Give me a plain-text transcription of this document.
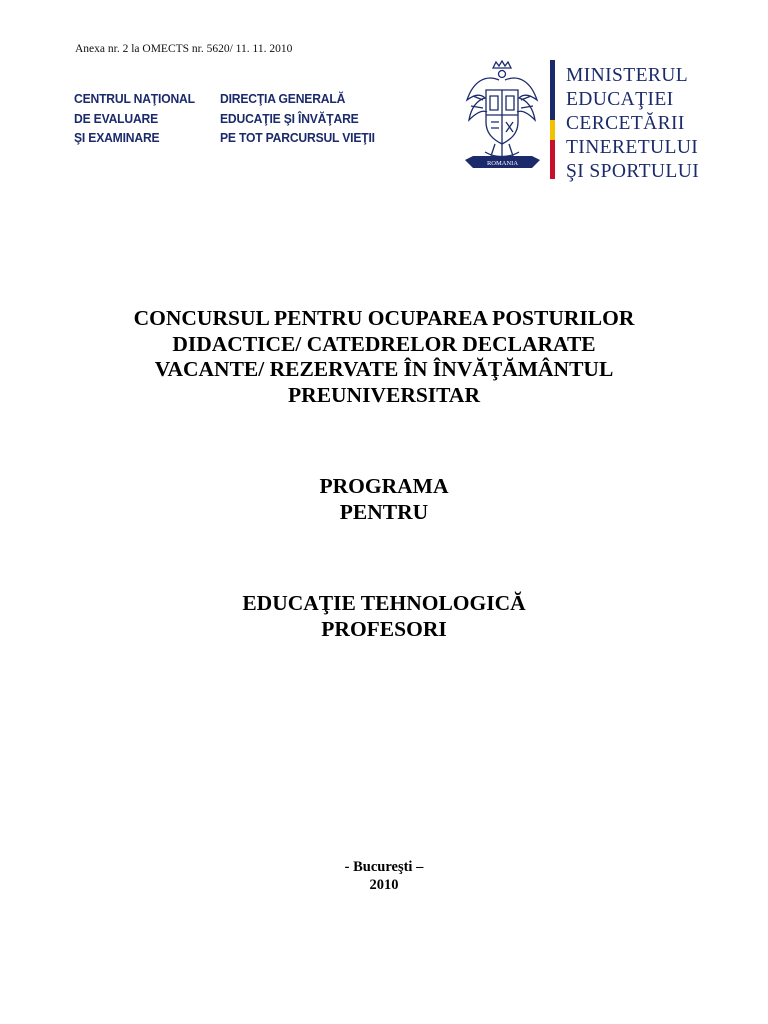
Anexa nr. 2 la OMECTS nr. 5620/ 11. 11. 2010
CENTRUL NAŢIONAL
DE EVALUARE
ŞI EXAMINARE
DIRECŢIA GENERALĂ
EDUCAŢIE ŞI ÎNVĂŢARE
PE TOT PARCURSUL VIEŢII
ROMANIA
MINISTERUL
EDUCAŢIEI
CERCETĂRII
TINERETULUI
ŞI SPORTULUI
CONCURSUL PENTRU OCUPAREA POSTURILOR
DIDACTICE/ CATEDRELOR DECLARATE
VACANTE/ REZERVATE ÎN ÎNVĂŢĂMÂNTUL
PREUNIVERSITAR
PROGRAMA
PENTRU
EDUCAŢIE TEHNOLOGICĂ
PROFESORI
- Bucureşti –
2010
